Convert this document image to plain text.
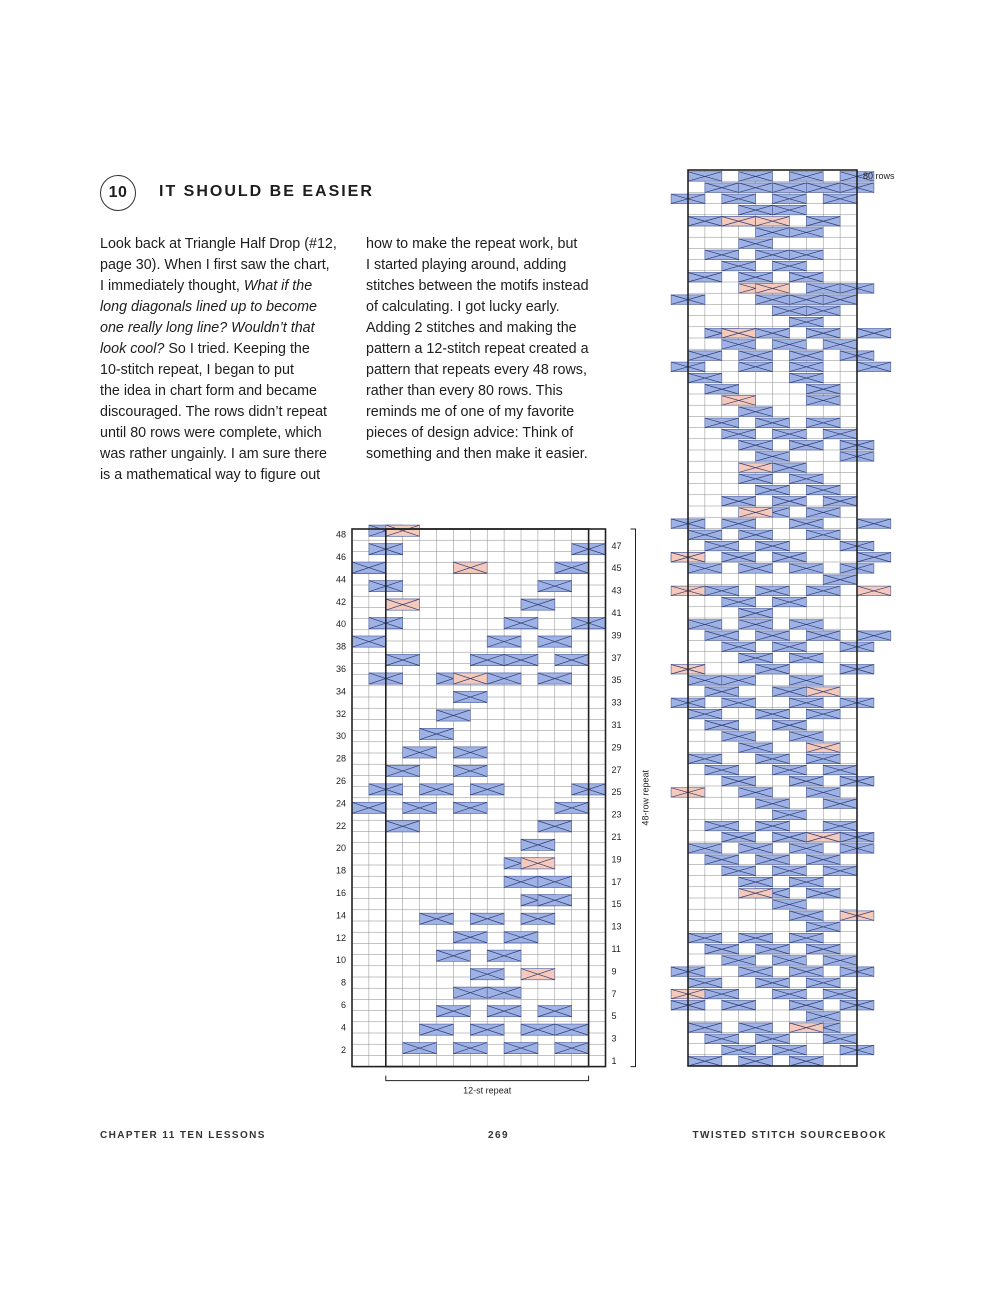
10	IT SHOULD BE EASIER
Look back at Triangle Half Drop (#12,
page 30). When I first saw the chart,
I immediately thought, What if the
long diagonals lined up to become
one really long line? Wouldn’t that
look cool? So I tried. Keeping the
10-stitch repeat, I began to put
the idea in chart form and became
discouraged. The rows didn’t repeat
until 80 rows were complete, which
was rather ungainly. I am sure there
is a mathematical way to figure out
how to make the repeat work, but
I started playing around, adding
stitches between the motifs instead
of calculating. I got lucky early.
Adding 2 stitches and making the
pattern a 12-stitch repeat created a
pattern that repeats every 48 rows,
rather than every 80 rows. This
reminds me of one of my favorite
pieces of design advice: Think of
something and then make it easier.
2
4
6
8
10
12
14
16
18
20
22
24
26
28
30
32
34
36
38
40
42
44
46
48
1
3
5
7
9
11
13
15
17
19
21
23
25
27
29
31
33
35
37
39
41
43
45
47
12-st repeat
48-row repeat
80 rows
CHAPTER 11 TEN LESSONS	269	TWISTED STITCH SOURCEBOOK
